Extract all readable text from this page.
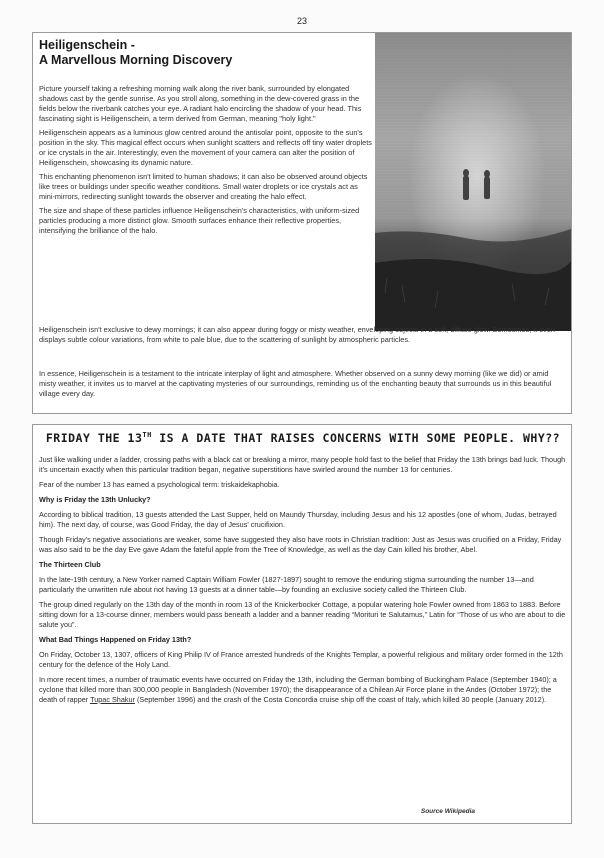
23
Heiligenschein -
A Marvellous Morning Discovery

Picture yourself taking a refreshing morning walk along the river bank, surrounded by elongated shadows cast by the gentle sunrise. As you stroll along, something in the dew-covered grass in the fields below the riverbank catches your eye. A radiant halo encircling the shadow of your head. This fascinating sight is Heiligenschein, a term derived from German, meaning "holy light."

Heiligenschein appears as a luminous glow centred around the antisolar point, opposite to the sun's position in the sky. This magical effect occurs when sunlight scatters and reflects off tiny water droplets or ice crystals in the air. Interestingly, even the movement of your camera can alter the position of Heiligenschein, showcasing its dynamic nature.

This enchanting phenomenon isn't limited to human shadows; it can also be observed around objects like trees or buildings under specific weather conditions. Small water droplets or ice crystals act as mini-mirrors, redirecting sunlight towards the observer and creating the halo effect.

The size and shape of these particles influence Heiligenschein's characteristics, with uniform-sized particles producing a more distinct glow. Smooth surfaces enhance their reflective properties, intensifying the brilliance of the halo.

Heiligenschein isn't exclusive to dewy mornings; it can also appear during foggy or misty weather, enveloping objects in a soft, diffuse glow. Sometimes, it even displays subtle colour variations, from white to pale blue, due to the scattering of sunlight by atmospheric particles.

In essence, Heiligenschein is a testament to the intricate interplay of light and atmosphere. Whether observed on a sunny dewy morning (like we did) or amid misty weather, it invites us to marvel at the captivating mysteries of our surroundings, reminding us of the enchanting beauty that surrounds us in this beautiful village every day.

FRIDAY THE 13TH IS A DATE THAT RAISES CONCERNS WITH SOME PEOPLE. WHY??

Just like walking under a ladder, crossing paths with a black cat or breaking a mirror, many people hold fast to the belief that Friday the 13th brings bad luck. Though it's uncertain exactly when this particular tradition began, negative superstitions have swirled around the number 13 for centuries.

Fear of the number 13 has earned a psychological term: triskaidekaphobia.

Why is Friday the 13th Unlucky?

According to biblical tradition, 13 guests attended the Last Supper, held on Maundy Thursday, including Jesus and his 12 apostles (one of whom, Judas, betrayed him). The next day, of course, was Good Friday, the day of Jesus' crucifixion.

Though Friday's negative associations are weaker, some have suggested they also have roots in Christian tradition: Just as Jesus was crucified on a Friday, Friday was also said to be the day Eve gave Adam the fateful apple from the Tree of Knowledge, as well as the day Cain killed his brother, Abel.

The Thirteen Club

In the late-19th century, a New Yorker named Captain William Fowler (1827-1897) sought to remove the enduring stigma surrounding the number 13—and particularly the unwritten rule about not having 13 guests at a dinner table—by founding an exclusive society called the Thirteen Club.

The group dined regularly on the 13th day of the month in room 13 of the Knickerbocker Cottage, a popular watering hole Fowler owned from 1863 to 1883. Before sitting down for a 13-course dinner, members would pass beneath a ladder and a banner reading “Morituri te Salutamus,” Latin for “Those of us who are about to die salute you”.

What Bad Things Happened on Friday 13th?

On Friday, October 13, 1307, officers of King Philip IV of France arrested hundreds of the Knights Templar, a powerful religious and military order formed in the 12th century for the defence of the Holy Land.

In more recent times, a number of traumatic events have occurred on Friday the 13th, including the German bombing of Buckingham Palace (September 1940); a cyclone that killed more than 300,000 people in Bangladesh (November 1970); the disappearance of a Chilean Air Force plane in the Andes (October 1972); the death of rapper Tupac Shakur (September 1996) and the crash of the Costa Concordia cruise ship off the coast of Italy, which killed 30 people (January 2012).

Source Wikipedia
